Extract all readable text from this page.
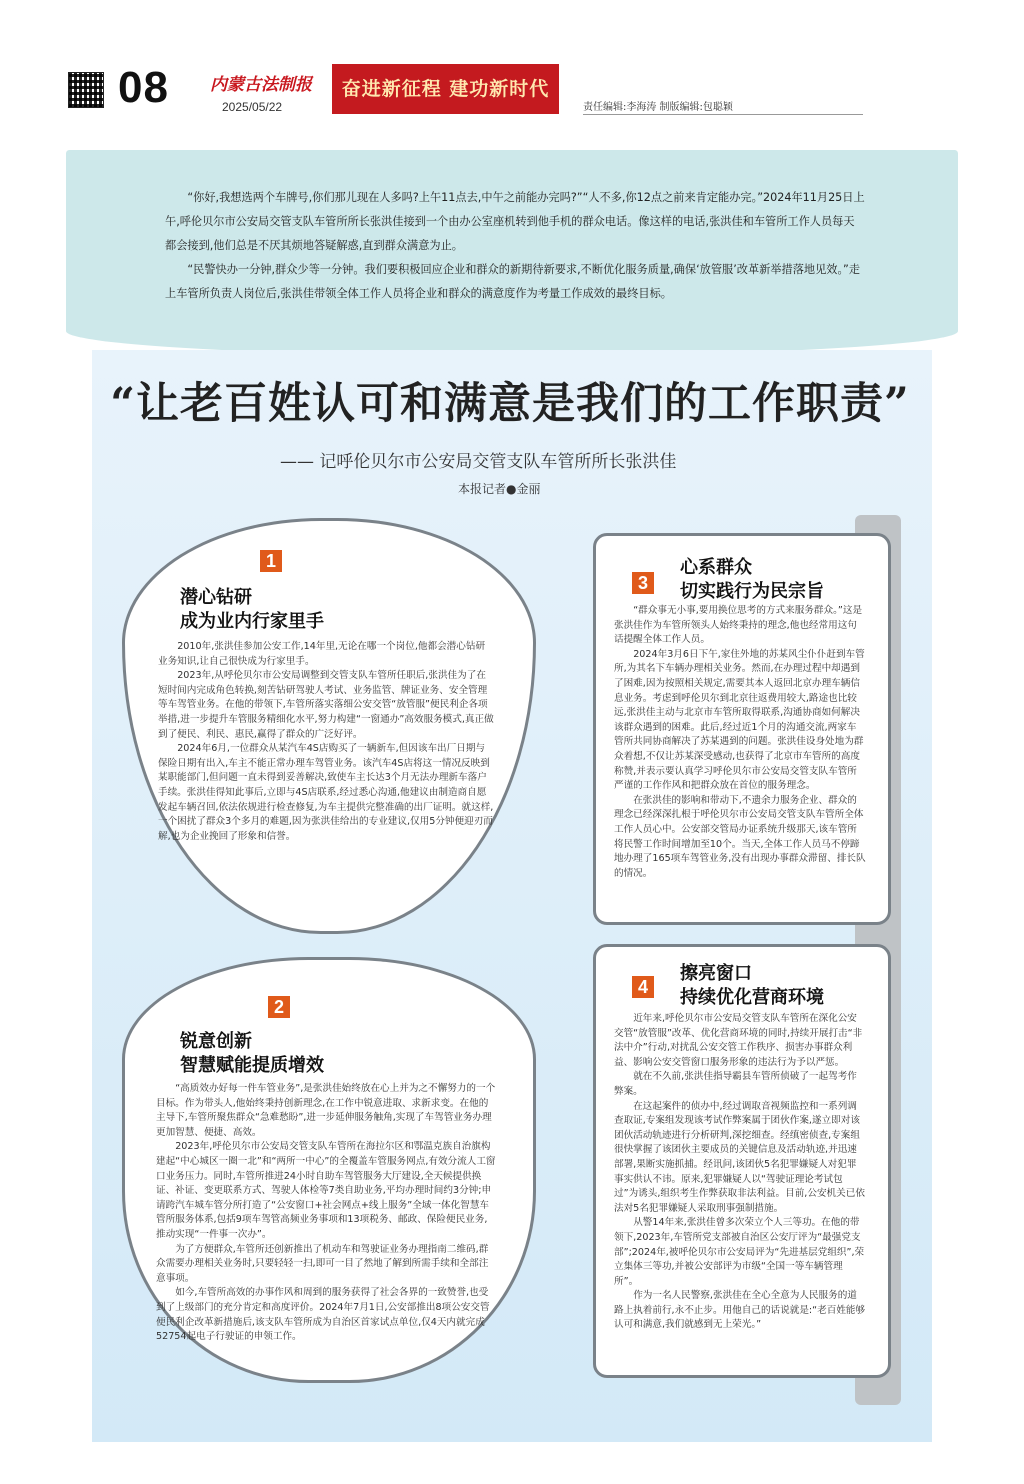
08 内蒙古法制报
2025/05/22
奋进新征程 建功新时代
责任编辑:李海涛 制版编辑:包聪颖

“你好,我想选两个车牌号,你们那儿现在人多吗?上午11点去,中午之前能办完吗?”“人不多,你12点之前来肯定能办完。”2024年11月25日上午,呼伦贝尔市公安局交管支队车管所所长张洪佳接到一个由办公室座机转到他手机的群众电话。像这样的电话,张洪佳和车管所工作人员每天都会接到,他们总是不厌其烦地答疑解惑,直到群众满意为止。

“民警快办一分钟,群众少等一分钟。我们要积极回应企业和群众的新期待新要求,不断优化服务质量,确保‘放管服’改革新举措落地见效。”走上车管所负责人岗位后,张洪佳带领全体工作人员将企业和群众的满意度作为考量工作成效的最终目标。

“让老百姓认可和满意是我们的工作职责”
—— 记呼伦贝尔市公安局交管支队车管所所长张洪佳
本报记者●金丽
1
潜心钻研
成为业内行家里手

2010年,张洪佳参加公安工作,14年里,无论在哪一个岗位,他都会潜心钻研业务知识,让自己很快成为行家里手。

2023年,从呼伦贝尔市公安局调整到交管支队车管所任职后,张洪佳为了在短时间内完成角色转换,刻苦钻研驾驶人考试、业务监管、牌证业务、安全管理等车驾管业务。在他的带领下,车管所落实落细公安交管“放管服”便民利企各项举措,进一步提升车管服务精细化水平,努力构建“一窗通办”高效服务模式,真正做到了便民、利民、惠民,赢得了群众的广泛好评。

2024年6月,一位群众从某汽车4S店购买了一辆新车,但因该车出厂日期与保险日期有出入,车主不能正常办理车驾管业务。该汽车4S店将这一情况反映到某职能部门,但问题一直未得到妥善解决,致使车主长达3个月无法办理新车落户手续。张洪佳得知此事后,立即与4S店联系,经过悉心沟通,他建议由制造商自愿发起车辆召回,依法依规进行检查修复,为车主提供完整准确的出厂证明。就这样,一个困扰了群众3个多月的难题,因为张洪佳给出的专业建议,仅用5分钟便迎刃而解,也为企业挽回了形象和信誉。

2
锐意创新
智慧赋能提质增效

“高质效办好每一件车管业务”,是张洪佳始终放在心上并为之不懈努力的一个目标。作为带头人,他始终秉持创新理念,在工作中锐意进取、求新求变。在他的主导下,车管所聚焦群众“急难愁盼”,进一步延伸服务触角,实现了车驾管业务办理更加智慧、便捷、高效。

2023年,呼伦贝尔市公安局交管支队车管所在海拉尔区和鄂温克族自治旗构建起“中心城区一圈一北”和“两所一中心”的全覆盖车管服务网点,有效分流人工窗口业务压力。同时,车管所推进24小时自助车驾管服务大厅建设,全天候提供换证、补证、变更联系方式、驾驶人体检等7类自助业务,平均办理时间约3分钟;申请跨汽车城车管分所打造了“公安窗口+社会网点+线上服务”全域一体化智慧车管所服务体系,包括9项车驾管高频业务事项和13项税务、邮政、保险便民业务,推动实现“一件事一次办”。

为了方便群众,车管所还创新推出了机动车和驾驶证业务办理指南二维码,群众需要办理相关业务时,只要轻轻一扫,即可一目了然地了解到所需手续和全部注意事项。

如今,车管所高效的办事作风和周到的服务获得了社会各界的一致赞誉,也受到了上级部门的充分肯定和高度评价。2024年7月1日,公安部推出8项公安交管便民利企改革新措施后,该支队车管所成为自治区首家试点单位,仅4天内就完成52754起电子行驶证的申领工作。

3
心系群众
切实践行为民宗旨

“群众事无小事,要用换位思考的方式来服务群众。”这是张洪佳作为车管所领头人始终秉持的理念,他也经常用这句话提醒全体工作人员。

2024年3月6日下午,家住外地的苏某风尘仆仆赶到车管所,为其名下车辆办理相关业务。然而,在办理过程中却遇到了困难,因为按照相关规定,需要其本人返回北京办理车辆信息业务。考虑到呼伦贝尔到北京往返费用较大,路途也比较远,张洪佳主动与北京市车管所取得联系,沟通协商如何解决该群众遇到的困难。此后,经过近1个月的沟通交流,两家车管所共同协商解决了苏某遇到的问题。张洪佳设身处地为群众着想,不仅让苏某深受感动,也获得了北京市车管所的高度称赞,并表示要认真学习呼伦贝尔市公安局交管支队车管所严谨的工作作风和把群众放在首位的服务理念。

在张洪佳的影响和带动下,不遗余力服务企业、群众的理念已经深深扎根于呼伦贝尔市公安局交管支队车管所全体工作人员心中。公安部交管局办证系统升级那天,该车管所将民警工作时间增加至10个。当天,全体工作人员马不停蹄地办理了165项车驾管业务,没有出现办事群众滞留、排长队的情况。

4
擦亮窗口
持续优化营商环境

近年来,呼伦贝尔市公安局交管支队车管所在深化公安交管“放管服”改革、优化营商环境的同时,持续开展打击“非法中介”行动,对扰乱公安交管工作秩序、损害办事群众利益、影响公安交管窗口服务形象的违法行为予以严惩。

就在不久前,张洪佳指导霸县车管所侦破了一起驾考作弊案。

在这起案件的侦办中,经过调取音视频监控和一系列调查取证,专案组发现该考试作弊案属于团伙作案,遂立即对该团伙活动轨迹进行分析研判,深挖细查。经缜密侦查,专案组很快掌握了该团伙主要成员的关键信息及活动轨迹,并迅速部署,果断实施抓捕。经讯问,该团伙5名犯罪嫌疑人对犯罪事实供认不讳。原来,犯罪嫌疑人以“驾驶证理论考试包过”为诱头,组织考生作弊获取非法利益。目前,公安机关已依法对5名犯罪嫌疑人采取刑事强制措施。

从警14年来,张洪佳曾多次荣立个人三等功。在他的带领下,2023年,车管所党支部被自治区公安厅评为“最强党支部”;2024年,被呼伦贝尔市公安局评为“先进基层党组织”,荣立集体三等功,并被公安部评为市级“全国一等车辆管理所”。

作为一名人民警察,张洪佳在全心全意为人民服务的道路上执着前行,永不止步。用他自己的话说就是:“老百姓能够认可和满意,我们就感到无上荣光。”
